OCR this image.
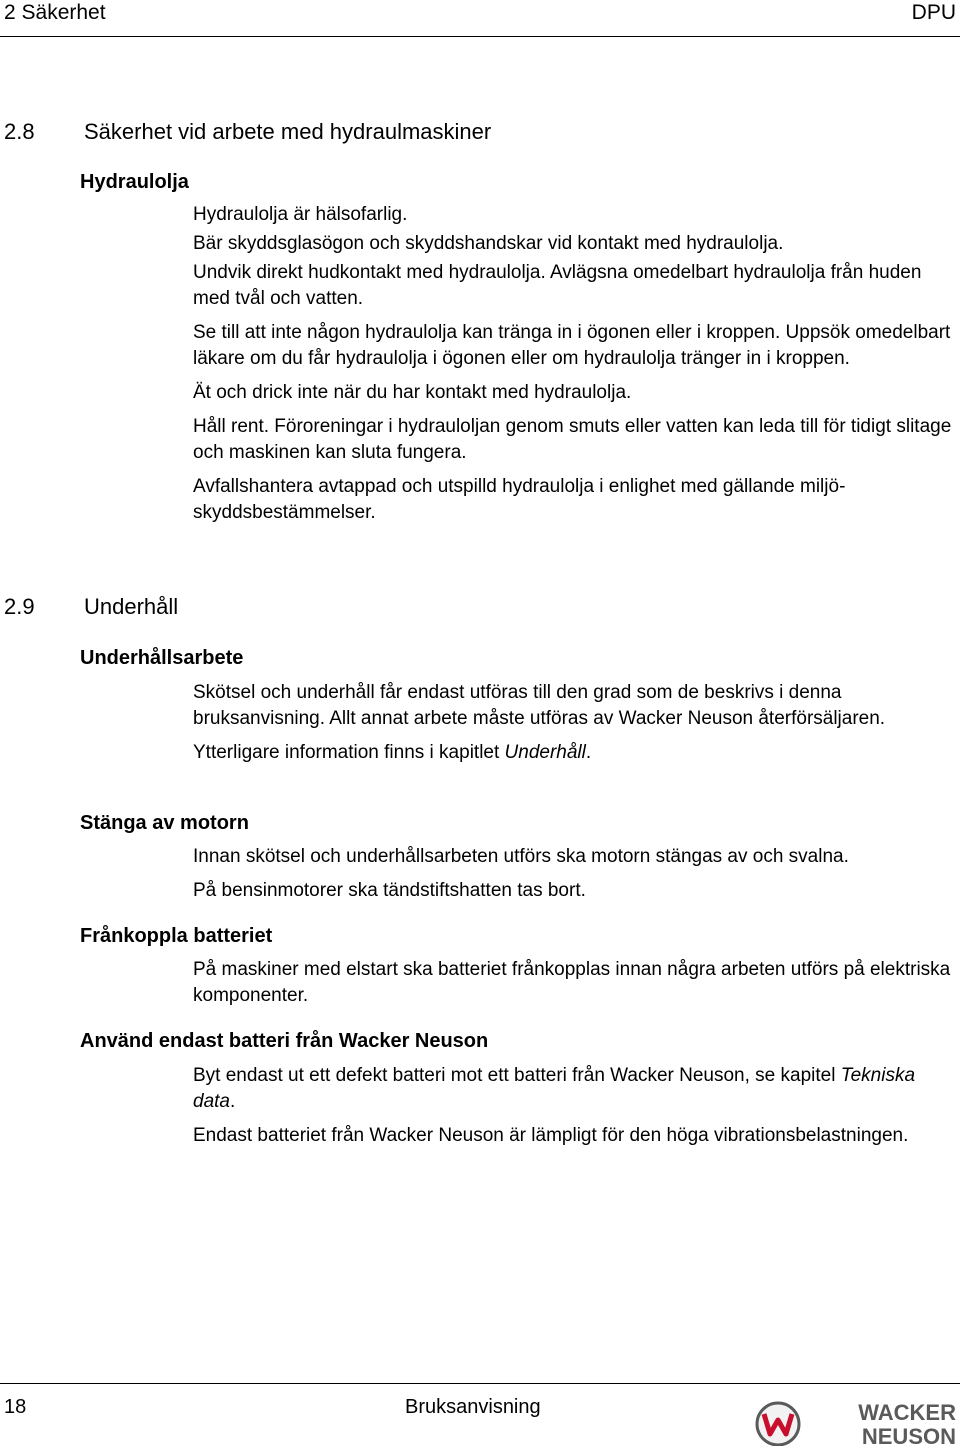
2 Säkerhet	DPU
2.8 Säkerhet vid arbete med hydraulmaskiner
Hydraulolja

Hydraulolja är hälsofarlig.

Bär skyddsglasögon och skyddshandskar vid kontakt med hydraulolja.

Undvik direkt hudkontakt med hydraulolja. Avlägsna omedelbart hydraulolja från huden med tvål och vatten.

Se till att inte någon hydraulolja kan tränga in i ögonen eller i kroppen. Uppsök omedelbart läkare om du får hydraulolja i ögonen eller om hydraulolja tränger in i kroppen.

Ät och drick inte när du har kontakt med hydraulolja.

Håll rent. Föroreningar i hydrauloljan genom smuts eller vatten kan leda till för tidigt slitage och maskinen kan sluta fungera.

Avfallshantera avtappad och utspilld hydraulolja i enlighet med gällande miljöskyddsbestämmelser.

2.9 Underhåll
Underhållsarbete

Skötsel och underhåll får endast utföras till den grad som de beskrivs i denna bruksanvisning. Allt annat arbete måste utföras av Wacker Neuson återförsäljaren.

Ytterligare information finns i kapitlet Underhåll.

Stänga av motorn

Innan skötsel och underhållsarbeten utförs ska motorn stängas av och svalna.

På bensinmotorer ska tändstiftshatten tas bort.

Frånkoppla batteriet

På maskiner med elstart ska batteriet frånkopplas innan några arbeten utförs på elektriska komponenter.

Använd endast batteri från Wacker Neuson

Byt endast ut ett defekt batteri mot ett batteri från Wacker Neuson, se kapitel Tekniska data.

Endast batteriet från Wacker Neuson är lämpligt för den höga vibrationsbelastningen.

18	Bruksanvisning	WACKER
NEUSON
